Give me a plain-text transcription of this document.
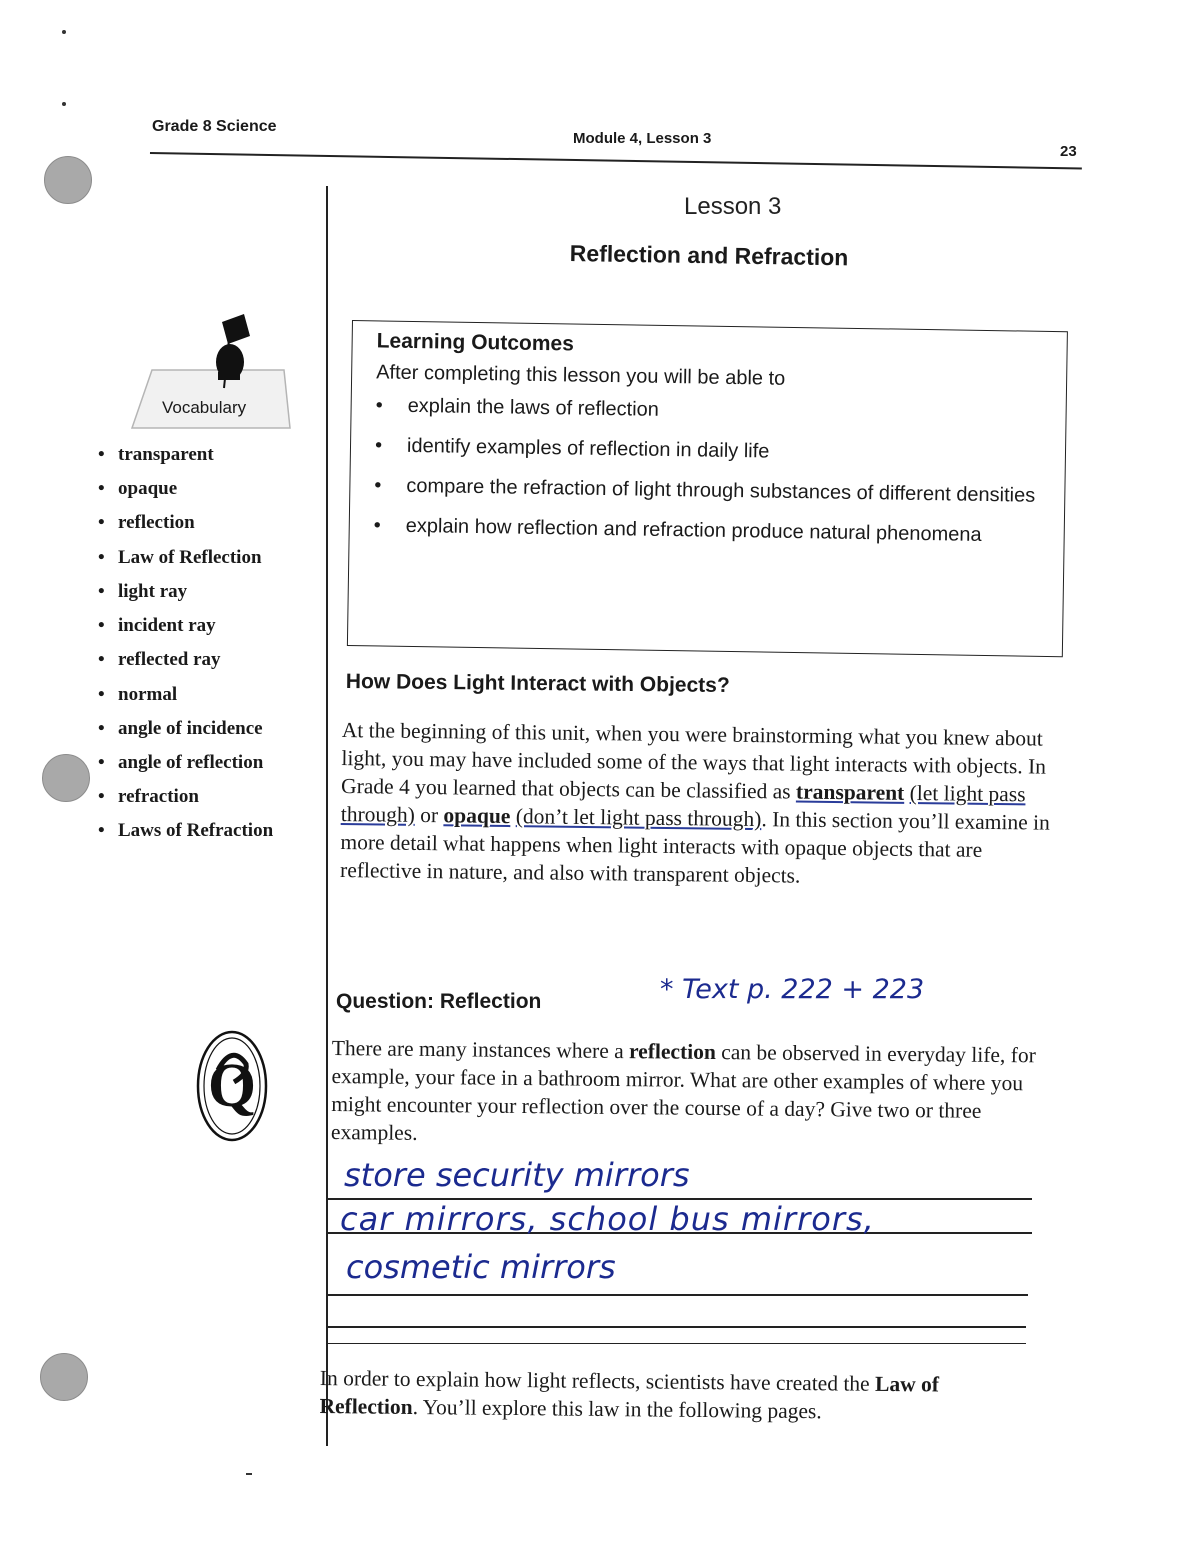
Grade 8 Science
Module 4, Lesson 3
23
Lesson 3
Reflection and Refraction
Vocabulary
• transparent
• opaque
• reflection
• Law of Reflection
• light ray
• incident ray
• reflected ray
• normal
• angle of incidence
• angle of reflection
• refraction
• Laws of Refraction
Q
Learning Outcomes
After completing this lesson you will be able to
• explain the laws of reflection
• identify examples of reflection in daily life
• compare the refraction of light through substances of different densities
• explain how reflection and refraction produce natural phenomena
How Does Light Interact with Objects?
At the beginning of this unit, when you were brainstorming what you knew about light, you may have included some of the ways that light interacts with objects. In Grade 4 you learned that objects can be classified as transparent (let light pass through) or opaque (don’t let light pass through). In this section you’ll examine in more detail what happens when light interacts with opaque objects that are reflective in nature, and also with transparent objects.
Question: Reflection	* Text p. 222 + 223
There are many instances where a reflection can be observed in everyday life, for example, your face in a bathroom mirror. What are other examples of where you might encounter your reflection over the course of a day? Give two or three examples.
store security mirrors
car mirrors, school bus mirrors,
cosmetic mirrors
In order to explain how light reflects, scientists have created the Law of Reflection. You’ll explore this law in the following pages.
